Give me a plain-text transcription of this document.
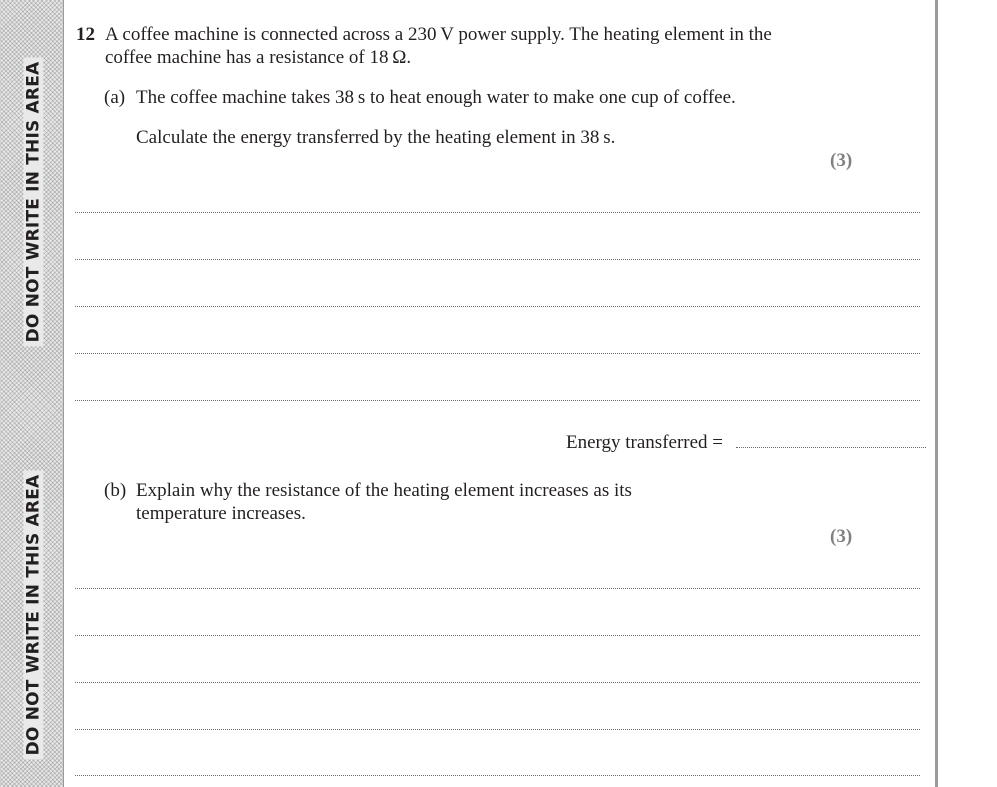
DO NOT WRITE IN THIS AREA
DO NOT WRITE IN THIS AREA
12 A coffee machine is connected across a 230 V power supply. The heating element in the
coffee machine has a resistance of 18 Ω.
(a) The coffee machine takes 38 s to heat enough water to make one cup of coffee.
Calculate the energy transferred by the heating element in 38 s.
(3)
Energy transferred =
(b) Explain why the resistance of the heating element increases as its
temperature increases.
(3)
